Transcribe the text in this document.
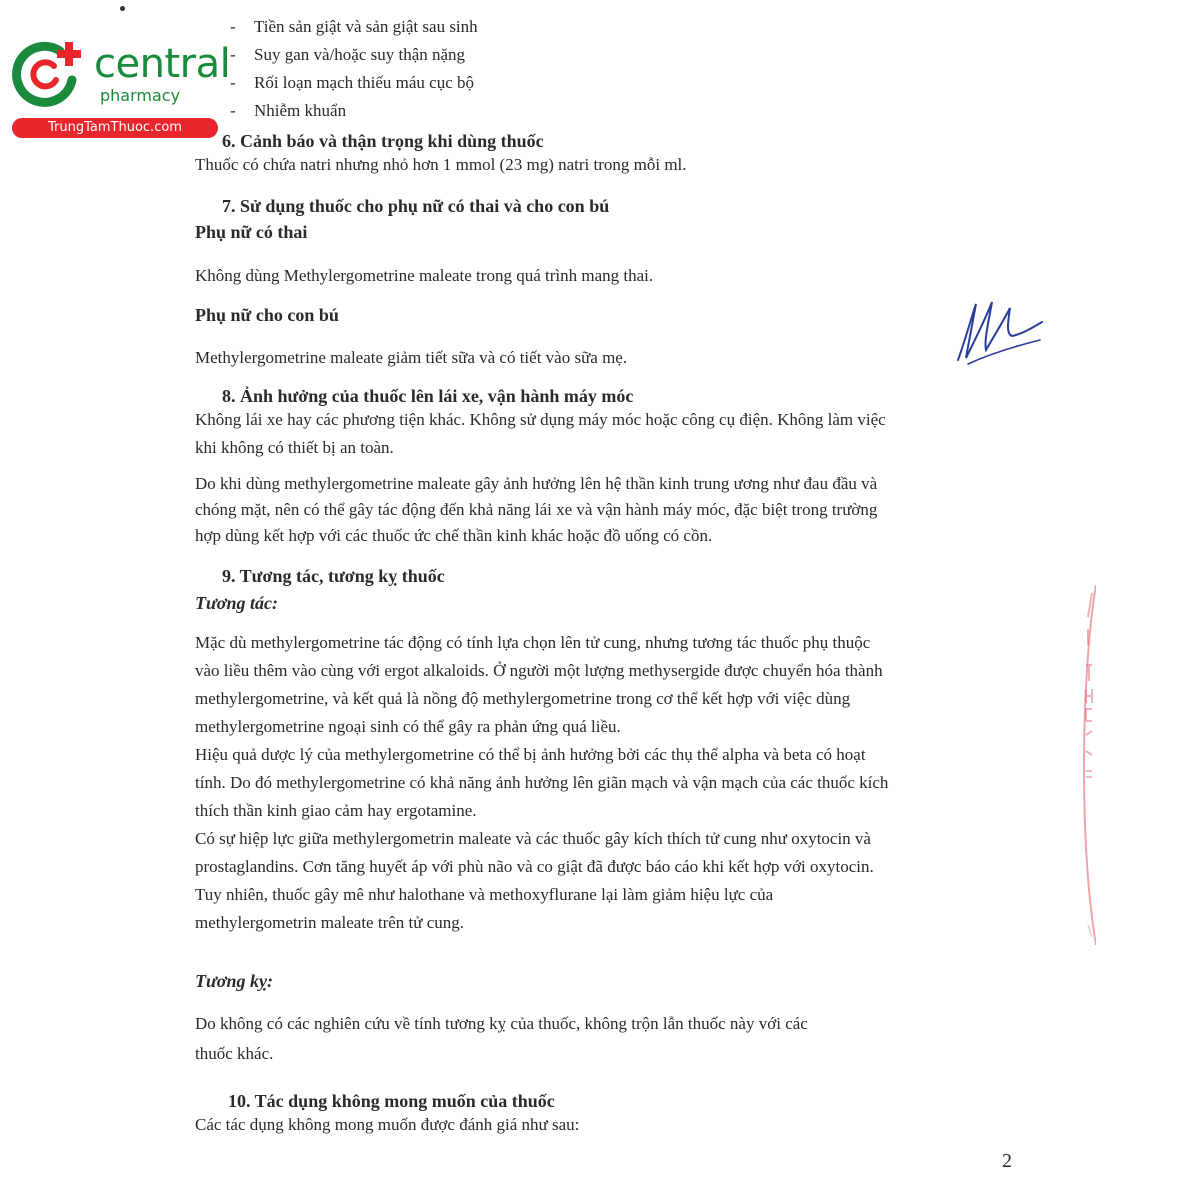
central
pharmacy
TrungTamThuoc.com
- Tiền sản giật và sản giật sau sinh
- Suy gan và/hoặc suy thận nặng
- Rối loạn mạch thiếu máu cục bộ
- Nhiễm khuẩn
6. Cảnh báo và thận trọng khi dùng thuốc
Thuốc có chứa natri nhưng nhỏ hơn 1 mmol (23 mg) natri trong mỗi ml.
7. Sử dụng thuốc cho phụ nữ có thai và cho con bú
Phụ nữ có thai
Không dùng Methylergometrine maleate trong quá trình mang thai.
Phụ nữ cho con bú
Methylergometrine maleate giảm tiết sữa và có tiết vào sữa mẹ.
8. Ảnh hưởng của thuốc lên lái xe, vận hành máy móc
Không lái xe hay các phương tiện khác. Không sử dụng máy móc hoặc công cụ điện. Không làm việc
khi không có thiết bị an toàn.
Do khi dùng methylergometrine maleate gây ảnh hưởng lên hệ thần kinh trung ương như đau đầu và
chóng mặt, nên có thể gây tác động đến khả năng lái xe và vận hành máy móc, đặc biệt trong trường
hợp dùng kết hợp với các thuốc ức chế thần kinh khác hoặc đồ uống có cồn.
9. Tương tác, tương kỵ thuốc
Tương tác:
Mặc dù methylergometrine tác động có tính lựa chọn lên tử cung, nhưng tương tác thuốc phụ thuộc
vào liều thêm vào cùng với ergot alkaloids. Ở người một lượng methysergide được chuyển hóa thành
methylergometrine, và kết quả là nồng độ methylergometrine trong cơ thể kết hợp với việc dùng
methylergometrine ngoại sinh có thể gây ra phản ứng quá liều.
Hiệu quả dược lý của methylergometrine có thể bị ảnh hưởng bởi các thụ thể alpha và beta có hoạt
tính. Do đó methylergometrine có khả năng ảnh hưởng lên giãn mạch và vận mạch của các thuốc kích
thích thần kinh giao cảm hay ergotamine.
Có sự hiệp lực giữa methylergometrin maleate và các thuốc gây kích thích tử cung như oxytocin và
prostaglandins. Cơn tăng huyết áp với phù não và co giật đã được báo cáo khi kết hợp với oxytocin.
Tuy nhiên, thuốc gây mê như halothane và methoxyflurane lại làm giảm hiệu lực của
methylergometrin maleate trên tử cung.
Tương kỵ:
Do không có các nghiên cứu về tính tương kỵ của thuốc, không trộn lẫn thuốc này với các
thuốc khác.
10. Tác dụng không mong muốn của thuốc
Các tác dụng không mong muốn được đánh giá như sau:
2
